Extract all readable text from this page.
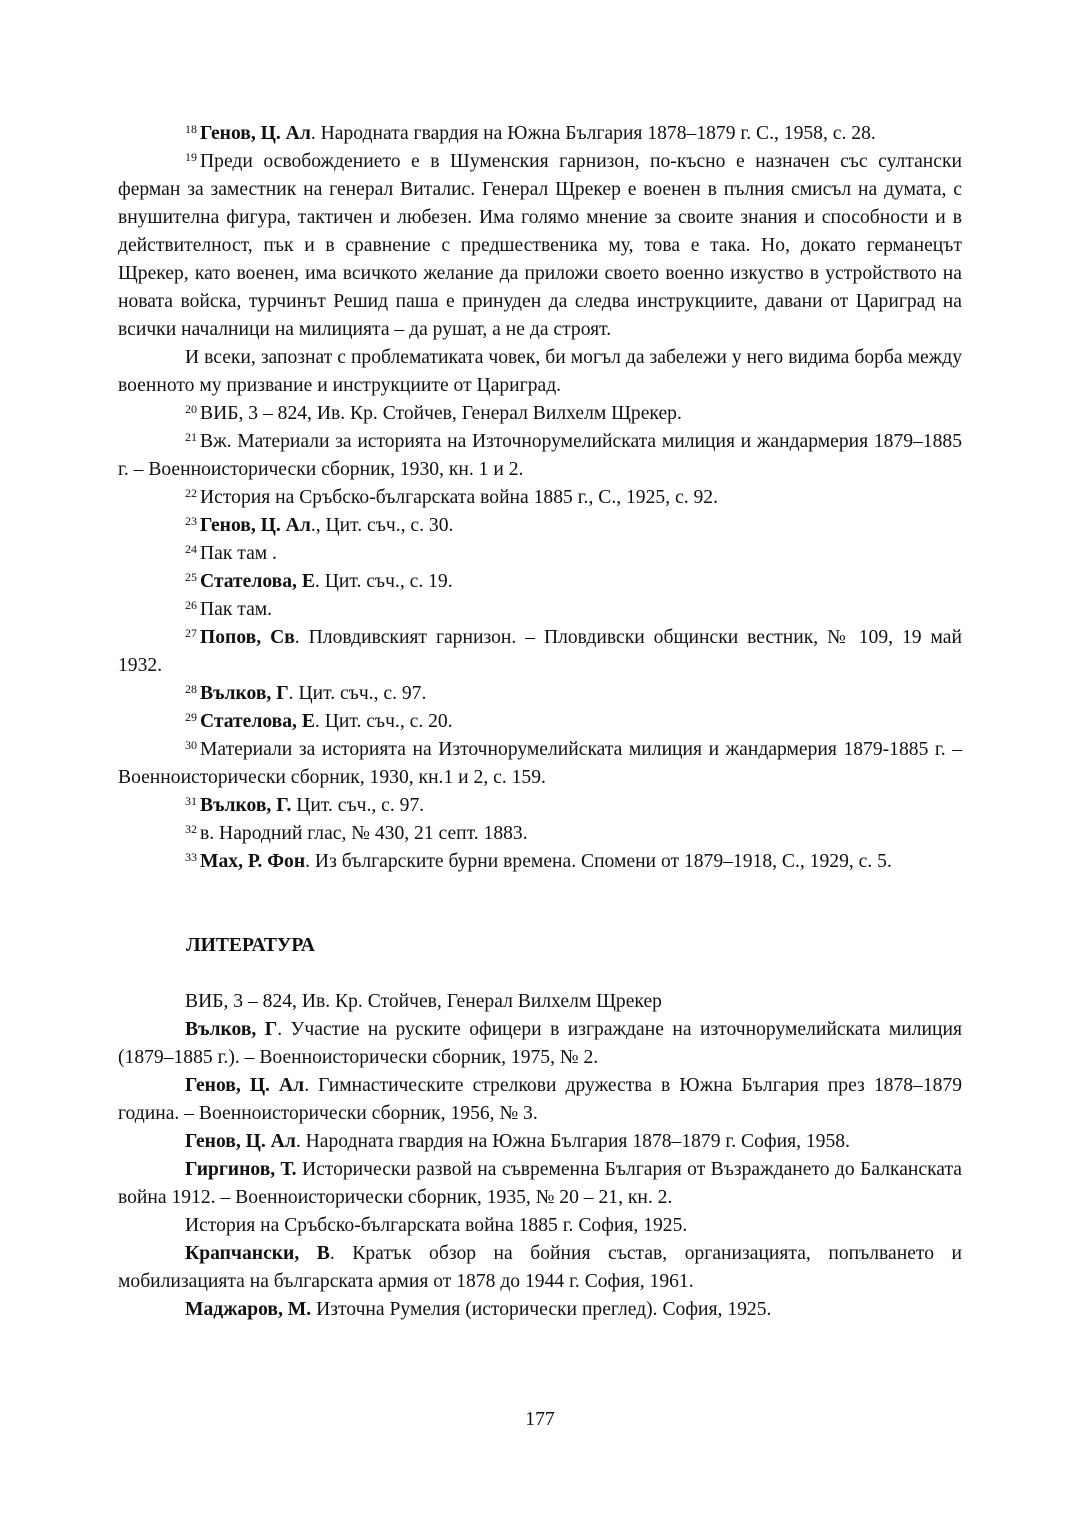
$^{18}$ Генов, Ц. Ал. Народната гвардия на Южна България 1878–1879 г. С., 1958, с. 28.

$^{19}$ Преди освобождението е в Шуменския гарнизон, по-късно е назначен със султански ферман за заместник на генерал Виталис. Генерал Щрекер е военен в пълния смисъл на думата, с внушителна фигура, тактичен и любезен. Има голямо мнение за своите знания и способности и в действителност, пък и в сравнение с предшественика му, това е така. Но, докато германецът Щрекер, като военен, има всичкото желание да приложи своето военно изкуство в устройството на новата войска, турчинът Решид паша е принуден да следва инструкциите, давани от Цариград на всички началници на милицията – да рушат, а не да строят.

И всеки, запознат с проблематиката човек, би могъл да забележи у него видима борба между военното му призвание и инструкциите от Цариград.

$^{20}$ ВИБ, 3 – 824, Ив. Кр. Стойчев, Генерал Вилхелм Щрекер.

$^{21}$ Вж. Материали за историята на Източнорумелийската милиция и жандармерия 1879–1885 г. – Военноисторически сборник, 1930, кн. 1 и 2.

$^{22}$ История на Сръбско-българската война 1885 г., С., 1925, с. 92.

$^{23}$ Генов, Ц. Ал., Цит. съч., с. 30.

$^{24}$ Пак там .

$^{25}$ Стателова, Е. Цит. съч., с. 19.

$^{26}$ Пак там.

$^{27}$ Попов, Св. Пловдивският гарнизон. – Пловдивски общински вестник, № 109, 19 май 1932.

$^{28}$ Вълков, Г. Цит. съч., с. 97.

$^{29}$ Стателова, Е. Цит. съч., с. 20.

$^{30}$ Материали за историята на Източнорумелийската милиция и жандармерия 1879-1885 г. – Военноисторически сборник, 1930, кн.1 и 2, с. 159.

$^{31}$ Вълков, Г. Цит. съч., с. 97.

$^{32}$ в. Народний глас, № 430, 21 септ. 1883.

$^{33}$ Мах, Р. Фон. Из българските бурни времена. Спомени от 1879–1918, С., 1929, с. 5.

ЛИТЕРАТУРА

ВИБ, 3 – 824, Ив. Кр. Стойчев, Генерал Вилхелм Щрекер

Вълков, Г. Участие на руските офицери в изграждане на източнорумелийската милиция (1879–1885 г.). – Военноисторически сборник, 1975, № 2.

Генов, Ц. Ал. Гимнастическите стрелкови дружества в Южна България през 1878–1879 година. – Военноисторически сборник, 1956, № 3.

Генов, Ц. Ал. Народната гвардия на Южна България 1878–1879 г. София, 1958.

Гиргинов, Т. Исторически развой на съвременна България от Възраждането до Балканската война 1912. – Военноисторически сборник, 1935, № 20 – 21, кн. 2.

История на Сръбско-българската война 1885 г. София, 1925.

Крапчански, В. Кратък обзор на бойния състав, организацията, попълването и мобилизацията на българската армия от 1878 до 1944 г. София, 1961.

Маджаров, М. Източна Румелия (исторически преглед). София, 1925.

177
